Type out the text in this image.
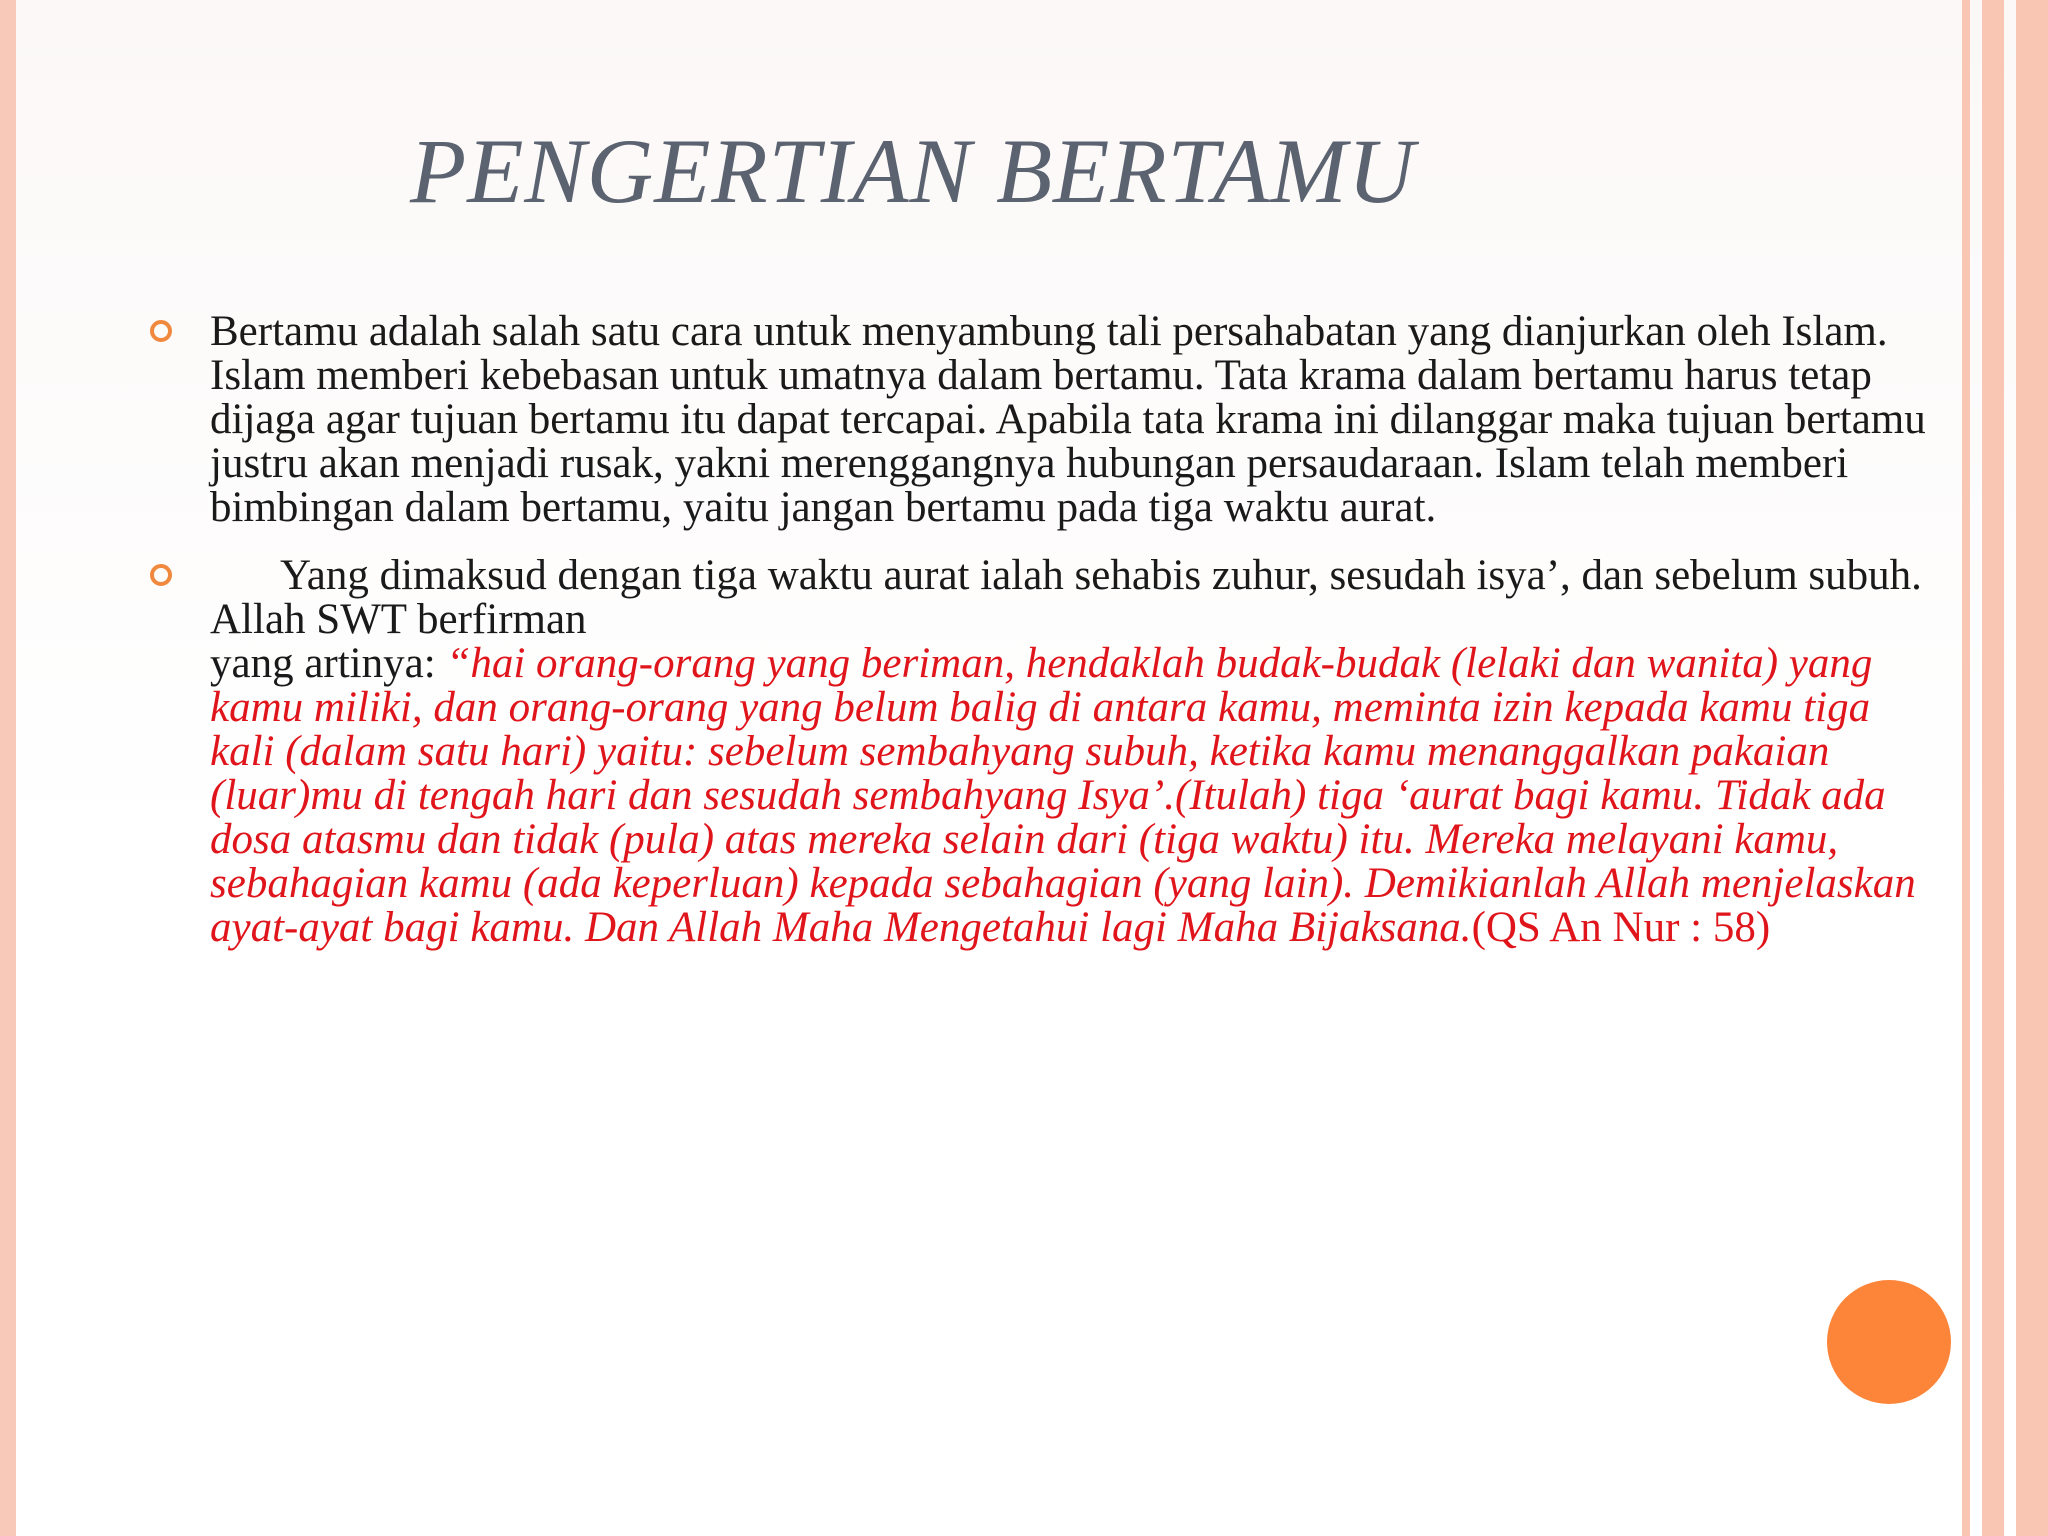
PENGERTIAN BERTAMU

Bertamu adalah salah satu cara untuk menyambung tali persahabatan yang dianjurkan oleh Islam. Islam memberi kebebasan untuk umatnya dalam bertamu. Tata krama dalam bertamu harus tetap dijaga agar tujuan bertamu itu dapat tercapai. Apabila tata krama ini dilanggar maka tujuan bertamu justru akan menjadi rusak, yakni merenggangnya hubungan persaudaraan. Islam telah memberi bimbingan dalam bertamu, yaitu jangan bertamu pada tiga waktu aurat.

Yang dimaksud dengan tiga waktu aurat ialah sehabis zuhur, sesudah isya’, dan sebelum subuh. Allah SWT berfirman
yang artinya: “hai orang-orang yang beriman, hendaklah budak-budak (lelaki dan wanita) yang kamu miliki, dan orang-orang yang belum balig di antara kamu, meminta izin kepada kamu tiga kali (dalam satu hari) yaitu: sebelum sembahyang subuh, ketika kamu menanggalkan pakaian (luar)mu di tengah hari dan sesudah sembahyang Isya’.(Itulah) tiga ‘aurat bagi kamu. Tidak ada dosa atasmu dan tidak (pula) atas mereka selain dari (tiga waktu) itu. Mereka melayani kamu, sebahagian kamu (ada keperluan) kepada sebahagian (yang lain). Demikianlah Allah menjelaskan ayat-ayat bagi kamu. Dan Allah Maha Mengetahui lagi Maha Bijaksana.(QS An Nur : 58)
